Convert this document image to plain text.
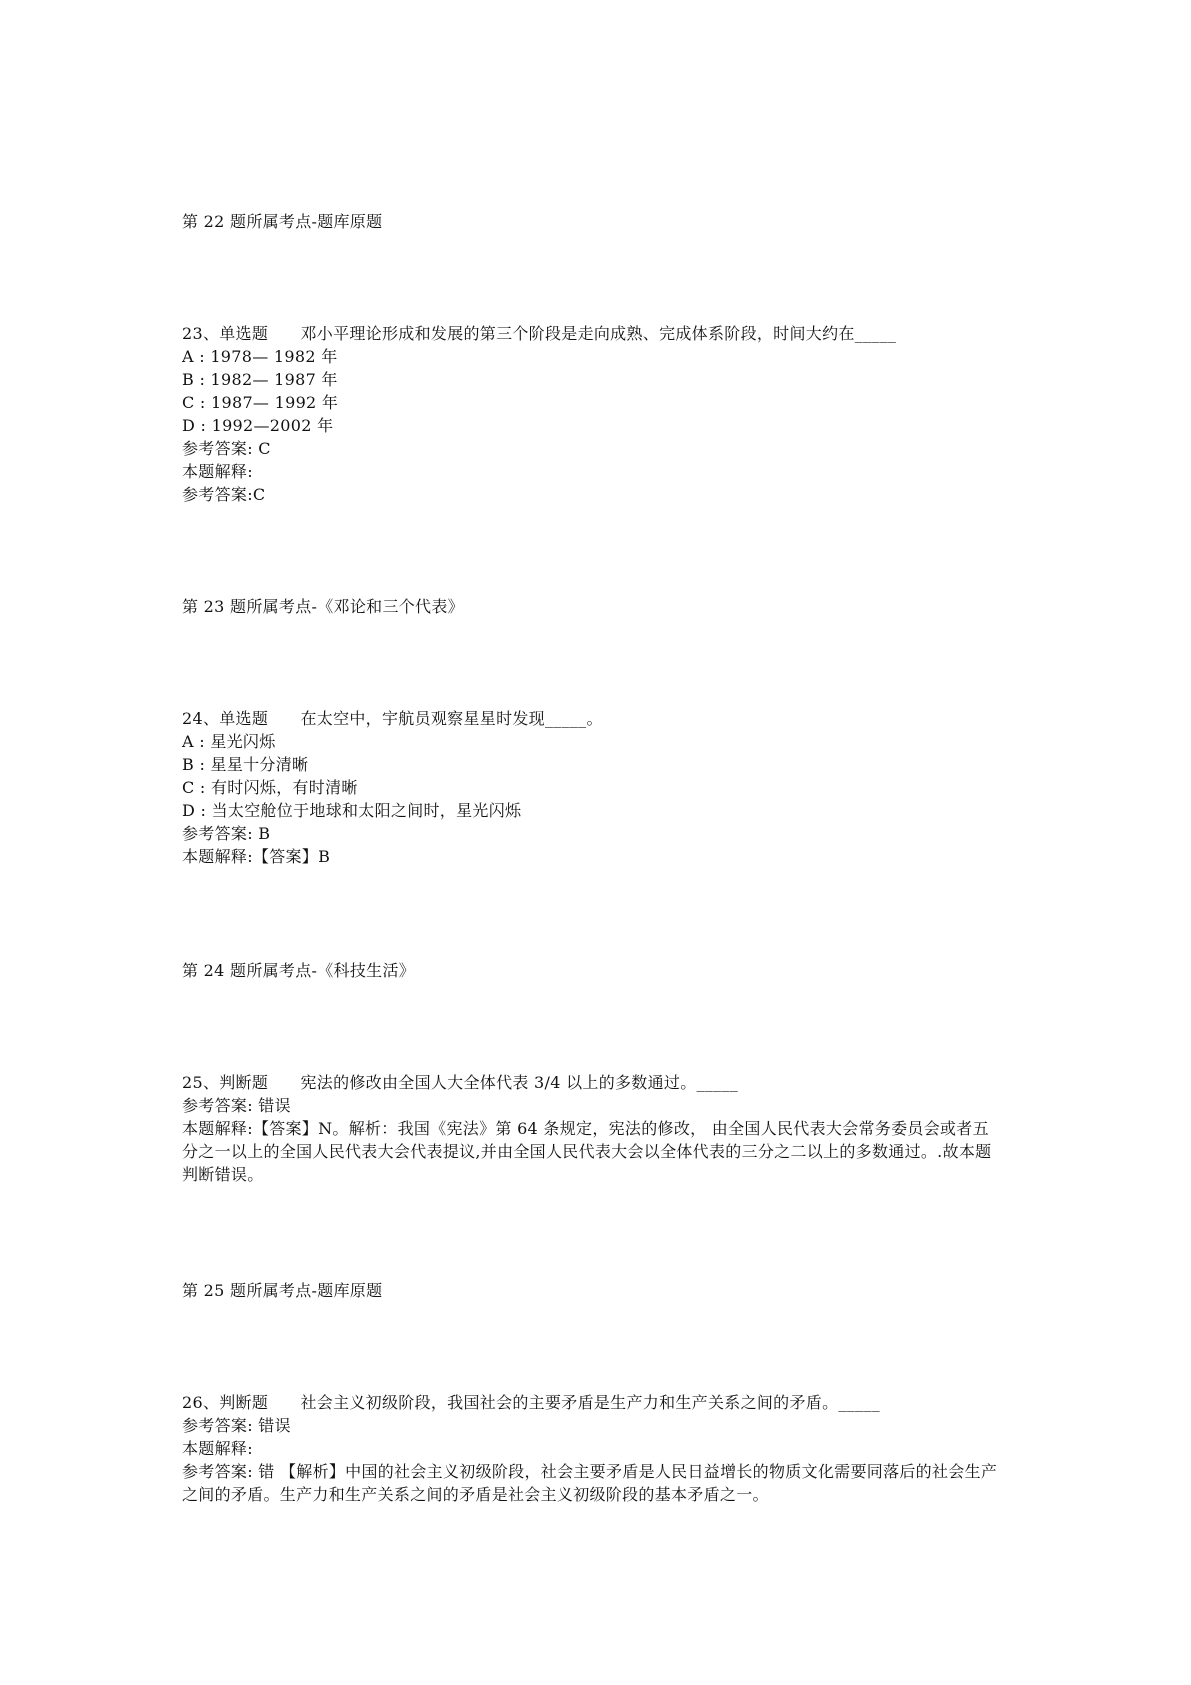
第 22 题所属考点-题库原题
23、单选题      邓小平理论形成和发展的第三个阶段是走向成熟、完成体系阶段，时间大约在_____
A : 1978— 1982 年
B : 1982— 1987 年
C : 1987— 1992 年
D : 1992—2002 年
参考答案: C
本题解释:
参考答案:C
第 23 题所属考点-《邓论和三个代表》
24、单选题      在太空中，宇航员观察星星时发现_____。
A : 星光闪烁
B : 星星十分清晰
C : 有时闪烁，有时清晰
D : 当太空舱位于地球和太阳之间时，星光闪烁
参考答案: B
本题解释:【答案】B
第 24 题所属考点-《科技生活》
25、判断题      宪法的修改由全国人大全体代表 3/4 以上的多数通过。_____
参考答案: 错误
本题解释:【答案】N。解析：我国《宪法》第 64 条规定，宪法的修改， 由全国人民代表大会常务委员会或者五分之一以上的全国人民代表大会代表提议,并由全国人民代表大会以全体代表的三分之二以上的多数通过。.故本题判断错误。
第 25 题所属考点-题库原题
26、判断题      社会主义初级阶段，我国社会的主要矛盾是生产力和生产关系之间的矛盾。_____
参考答案: 错误
本题解释:
参考答案: 错 【解析】中国的社会主义初级阶段，社会主要矛盾是人民日益增长的物质文化需要同落后的社会生产之间的矛盾。生产力和生产关系之间的矛盾是社会主义初级阶段的基本矛盾之一。
